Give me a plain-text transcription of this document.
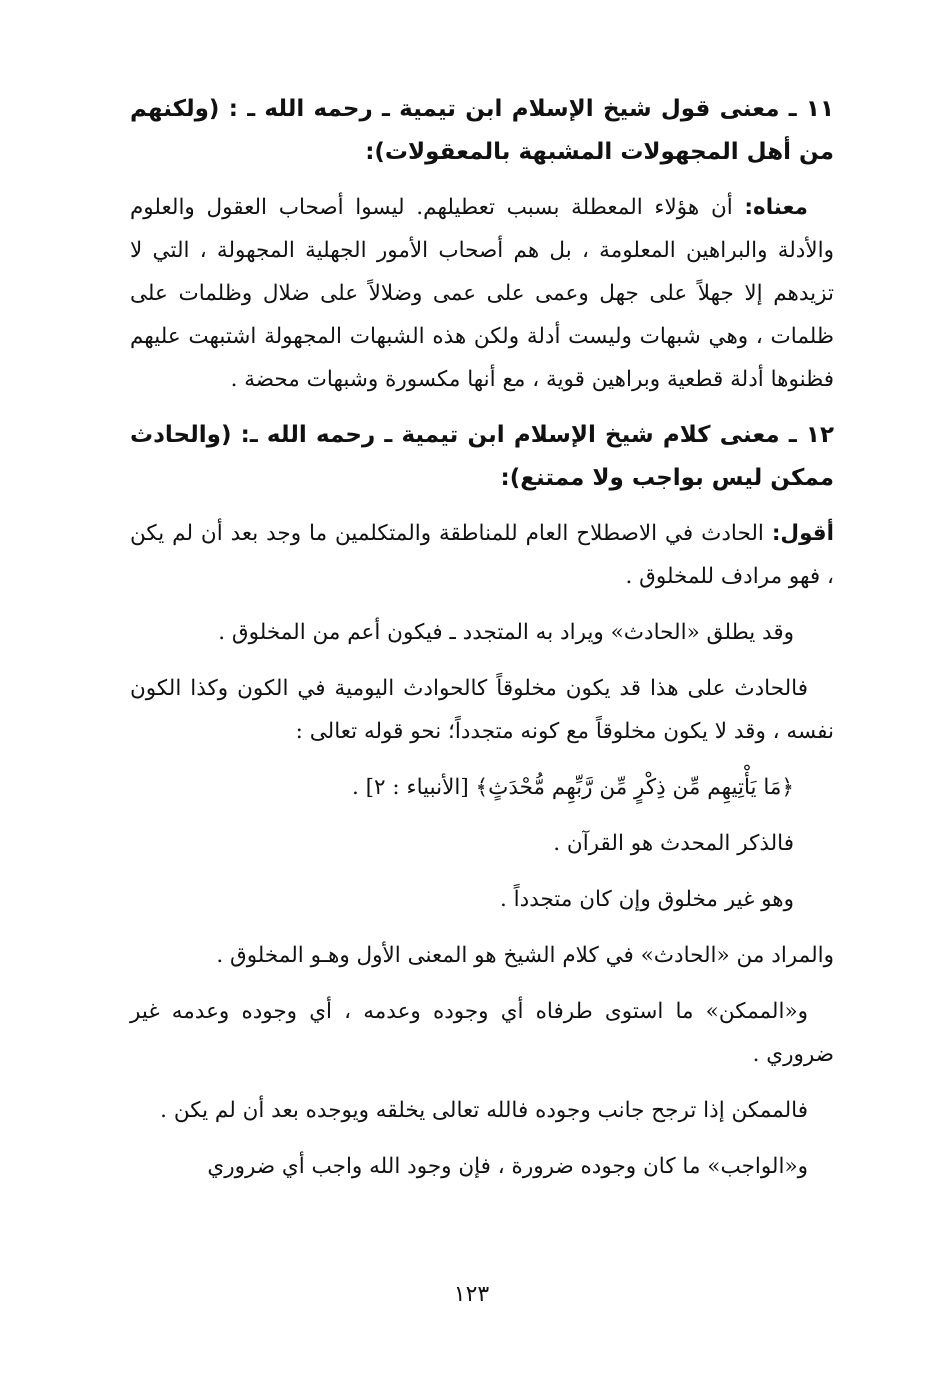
١١ ـ معنى قول شيخ الإسلام ابن تيمية ـ رحمه الله ـ : (ولكنهم من أهل المجهولات المشبهة بالمعقولات):

معناه: أن هؤلاء المعطلة بسبب تعطيلهم. ليسوا أصحاب العقول والعلوم والأدلة والبراهين المعلومة ، بل هم أصحاب الأمور الجهلية المجهولة ، التي لا تزيدهم إلا جهلاً على جهل وعمى على عمى وضلالاً على ضلال وظلمات على ظلمات ، وهي شبهات وليست أدلة ولكن هذه الشبهات المجهولة اشتبهت عليهم فظنوها أدلة قطعية وبراهين قوية ، مع أنها مكسورة وشبهات محضة .

١٢ ـ معنى كلام شيخ الإسلام ابن تيمية ـ رحمه الله ـ: (والحادث ممكن ليس بواجب ولا ممتنع):

أقول: الحادث في الاصطلاح العام للمناطقة والمتكلمين ما وجد بعد أن لم يكن ، فهو مرادف للمخلوق .

وقد يطلق «الحادث» ويراد به المتجدد ـ فيكون أعم من المخلوق .

فالحادث على هذا قد يكون مخلوقاً كالحوادث اليومية في الكون وكذا الكون نفسه ، وقد لا يكون مخلوقاً مع كونه متجدداً؛ نحو قوله تعالى :

﴿مَا يَأْتِيهِم مِّن ذِكْرٍ مِّن رَّبِّهِم مُّحْدَثٍ﴾ [الأنبياء : ٢] .

فالذكر المحدث هو القرآن .

وهو غير مخلوق وإن كان متجدداً .

والمراد من «الحادث» في كلام الشيخ هو المعنى الأول وهـو المخلوق .

و«الممكن» ما استوى طرفاه أي وجوده وعدمه ، أي وجوده وعدمه غير ضروري .

فالممكن إذا ترجح جانب وجوده فالله تعالى يخلقه ويوجده بعد أن لم يكن .

و«الواجب» ما كان وجوده ضرورة ، فإن وجود الله واجب أي ضروري

١٢٣
